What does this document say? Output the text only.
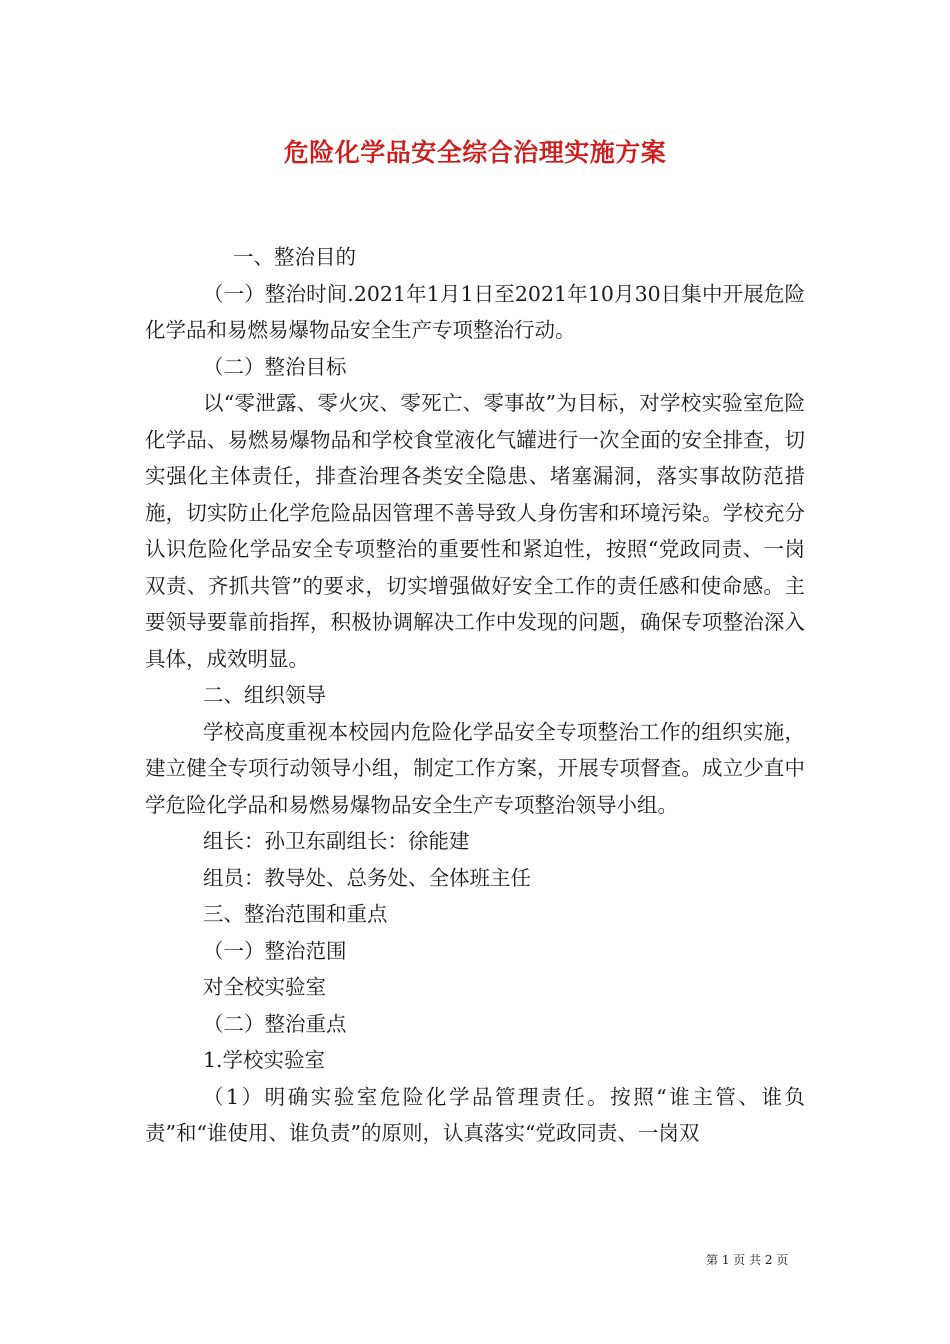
危险化学品安全综合治理实施方案

一、整治目的

（一）整治时间.2021年1月1日至2021年10月30日集中开展危险化学品和易燃易爆物品安全生产专项整治行动。

（二）整治目标

以“零泄露、零火灾、零死亡、零事故”为目标，对学校实验室危险化学品、易燃易爆物品和学校食堂液化气罐进行一次全面的安全排查，切实强化主体责任，排查治理各类安全隐患、堵塞漏洞，落实事故防范措施，切实防止化学危险品因管理不善导致人身伤害和环境污染。学校充分认识危险化学品安全专项整治的重要性和紧迫性，按照“党政同责、一岗双责、齐抓共管”的要求，切实增强做好安全工作的责任感和使命感。主要领导要靠前指挥，积极协调解决工作中发现的问题，确保专项整治深入具体，成效明显。

二、组织领导

学校高度重视本校园内危险化学品安全专项整治工作的组织实施，建立健全专项行动领导小组，制定工作方案，开展专项督查。成立少直中学危险化学品和易燃易爆物品安全生产专项整治领导小组。

组长：孙卫东副组长：徐能建

组员：教导处、总务处、全体班主任

三、整治范围和重点

（一）整治范围

对全校实验室

（二）整治重点

1.学校实验室

（1）明确实验室危险化学品管理责任。按照“谁主管、谁负责”和“谁使用、谁负责”的原则，认真落实“党政同责、一岗双

第 1 页 共 2 页
